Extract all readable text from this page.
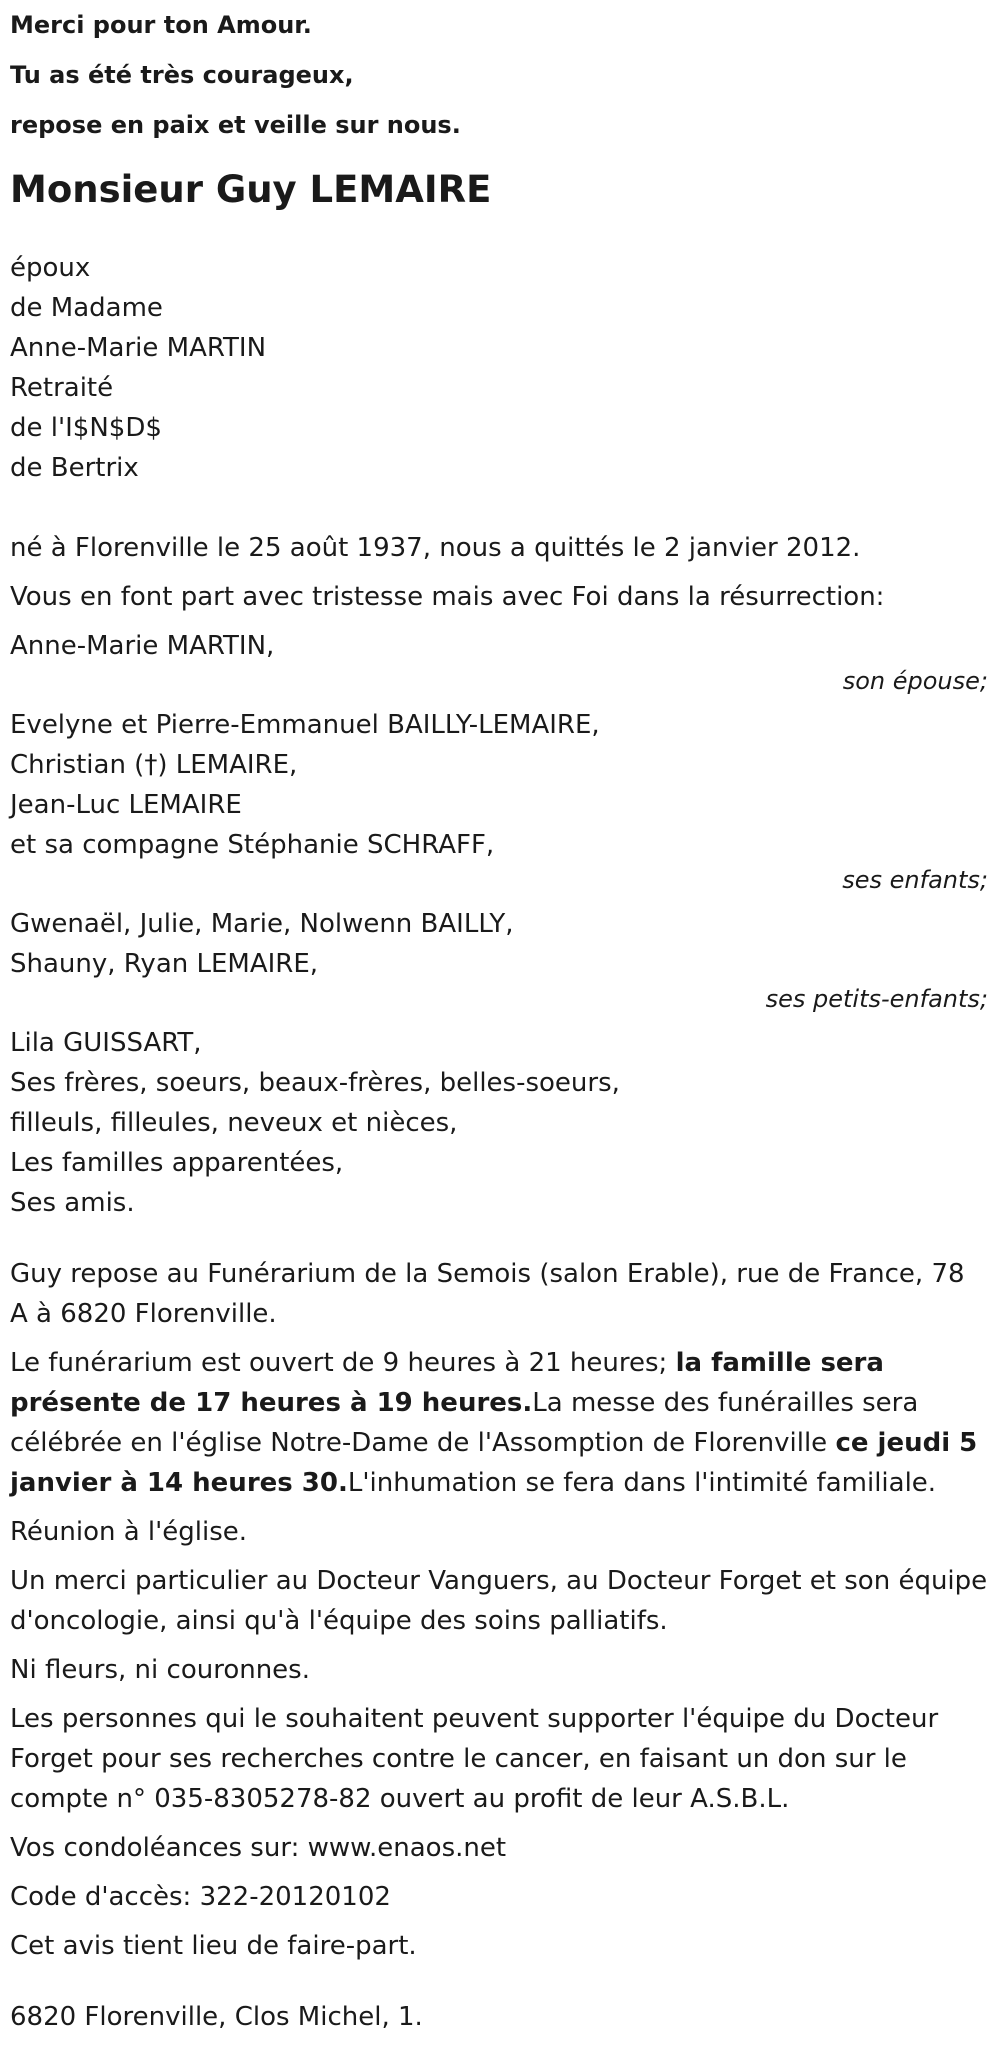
Merci pour ton Amour.
Tu as été très courageux,
repose en paix et veille sur nous.
Monsieur Guy LEMAIRE
époux
de Madame
Anne-Marie MARTIN
Retraité
de l'I$N$D$
de Bertrix
né à Florenville le 25 août 1937, nous a quittés le 2 janvier 2012.
Vous en font part avec tristesse mais avec Foi dans la résurrection:
Anne-Marie MARTIN,
son épouse;
Evelyne et Pierre-Emmanuel BAILLY-LEMAIRE,
Christian (†) LEMAIRE,
Jean-Luc LEMAIRE
et sa compagne Stéphanie SCHRAFF,
ses enfants;
Gwenaël, Julie, Marie, Nolwenn BAILLY,
Shauny, Ryan LEMAIRE,
ses petits-enfants;
Lila GUISSART,
Ses frères, soeurs, beaux-frères, belles-soeurs,
filleuls, filleules, neveux et nièces,
Les familles apparentées,
Ses amis.
Guy repose au Funérarium de la Semois (salon Erable), rue de France, 78 A à 6820 Florenville.
Le funérarium est ouvert de 9 heures à 21 heures; la famille sera présente de 17 heures à 19 heures.La messe des funérailles sera célébrée en l'église Notre-Dame de l'Assomption de Florenville ce jeudi 5 janvier à 14 heures 30.L'inhumation se fera dans l'intimité familiale.
Réunion à l'église.
Un merci particulier au Docteur Vanguers, au Docteur Forget et son équipe d'oncologie, ainsi qu'à l'équipe des soins palliatifs.
Ni fleurs, ni couronnes.
Les personnes qui le souhaitent peuvent supporter l'équipe du Docteur Forget pour ses recherches contre le cancer, en faisant un don sur le compte n° 035-8305278-82 ouvert au profit de leur A.S.B.L.
Vos condoléances sur: www.enaos.net
Code d'accès: 322-20120102
Cet avis tient lieu de faire-part.
6820 Florenville, Clos Michel, 1.
